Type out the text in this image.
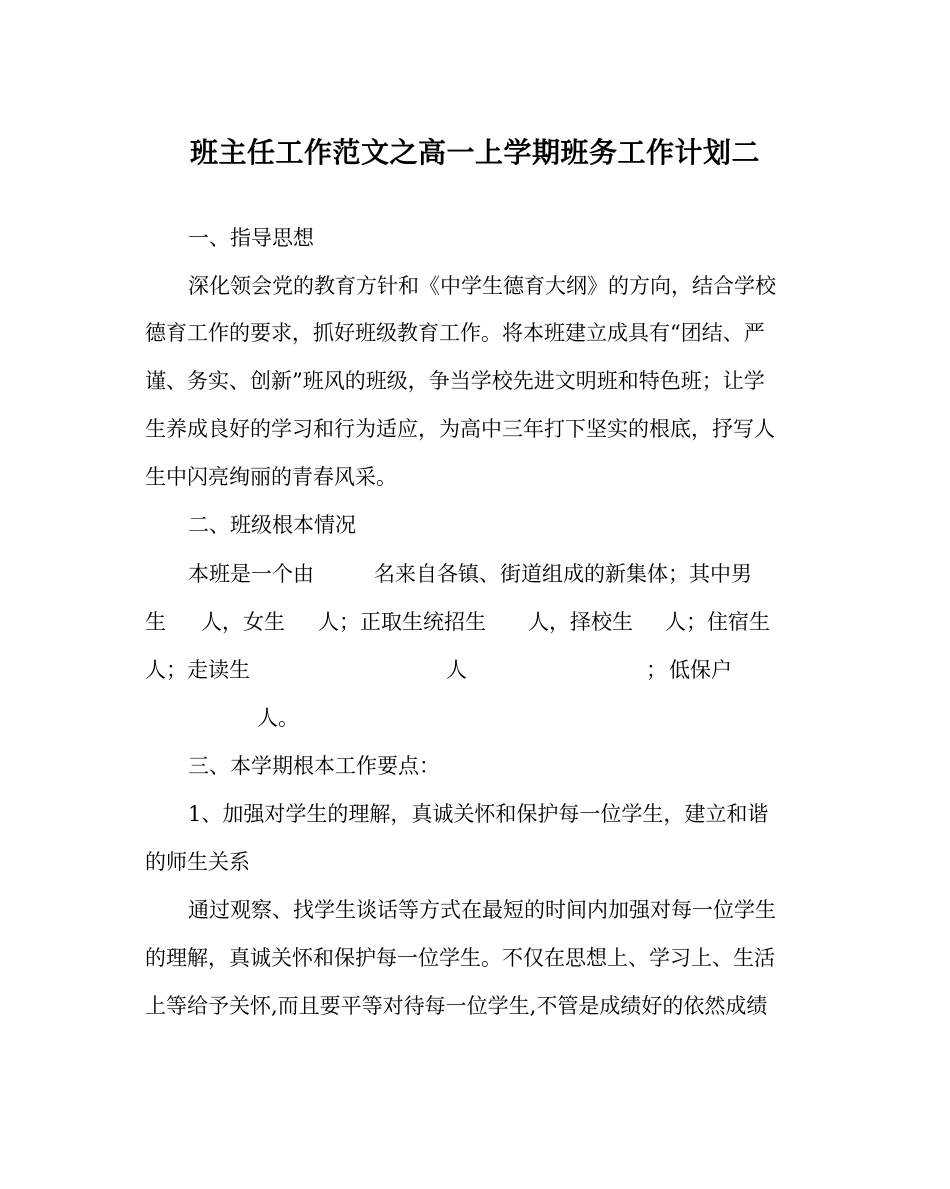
班主任工作范文之高一上学期班务工作计划二
一、指导思想
深化领会党的教育方针和《中学生德育大纲》的方向，结合学校
德育工作的要求，抓好班级教育工作。将本班建立成具有“团结、严
谨、务实、创新”班风的班级，争当学校先进文明班和特色班；让学
生养成良好的学习和行为适应，为高中三年打下坚实的根底，抒写人
生中闪亮绚丽的青春风采。
二、班级根本情况
本班是一个由	名来自各镇、街道组成的新集体；其中男
生 人，女生 人；正取生统招生 人，择校生 人；住宿生
人；走读生	人	； 低保户
人。
三、本学期根本工作要点：
1、加强对学生的理解，真诚关怀和保护每一位学生，建立和谐
的师生关系
通过观察、找学生谈话等方式在最短的时间内加强对每一位学生
的理解，真诚关怀和保护每一位学生。不仅在思想上、学习上、生活
上等给予关怀,而且要平等对待每一位学生,不管是成绩好的依然成绩
